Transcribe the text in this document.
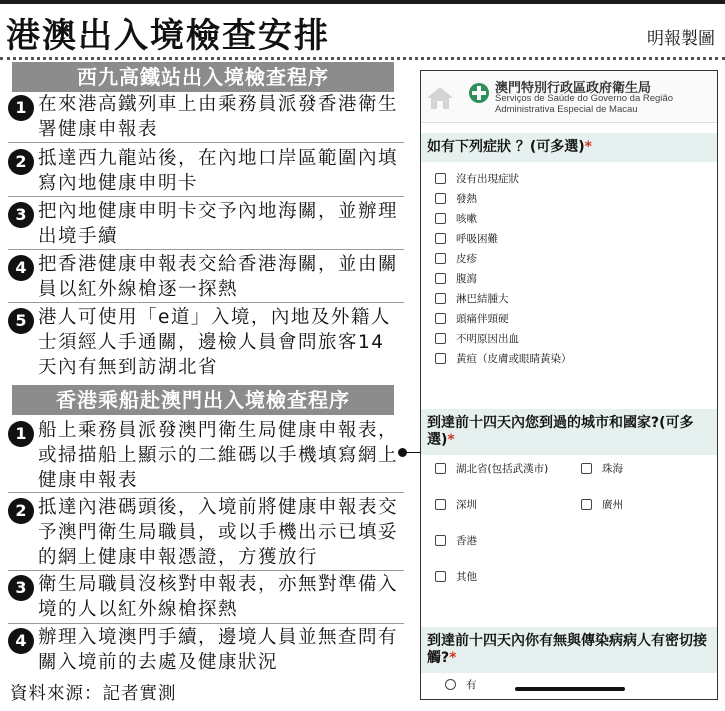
港澳出入境檢查安排	明報製圖
西九高鐵站出入境檢查程序
1 在來港高鐵列車上由乘務員派發香港衛生署健康申報表
2 抵達西九龍站後，在內地口岸區範圍內填寫內地健康申明卡
3 把內地健康申明卡交予內地海關，並辦理出境手續
4 把香港健康申報表交給香港海關，並由關員以紅外線槍逐一探熱
5 港人可使用「e道」入境，內地及外籍人士須經人手通關，邊檢人員會問旅客14天內有無到訪湖北省
香港乘船赴澳門出入境檢查程序
1 船上乘務員派發澳門衛生局健康申報表，或掃描船上顯示的二維碼以手機填寫網上健康申報表
2 抵達內港碼頭後，入境前將健康申報表交予澳門衛生局職員，或以手機出示已填妥的網上健康申報憑證，方獲放行
3 衛生局職員沒核對申報表，亦無對準備入境的人以紅外線槍探熱
4 辦理入境澳門手續，邊境人員並無查問有關入境前的去處及健康狀況
資料來源：記者實測
澳門特別行政區政府衛生局
Serviços de Saúde do Governo da Região
Administrativa Especial de Macau
如有下列症狀 ？(可多選)*
沒有出現症狀
發熱
咳嗽
呼吸困難
皮疹
腹瀉
淋巴結腫大
頭痛伴頸硬
不明原因出血
黃疸（皮膚或眼睛黃染）
到達前十四天內您到過的城市和國家?(可多選)*
湖北省(包括武漢市)	珠海
深圳	廣州
香港
其他
到達前十四天內你有無與傳染病病人有密切接觸?*
有
